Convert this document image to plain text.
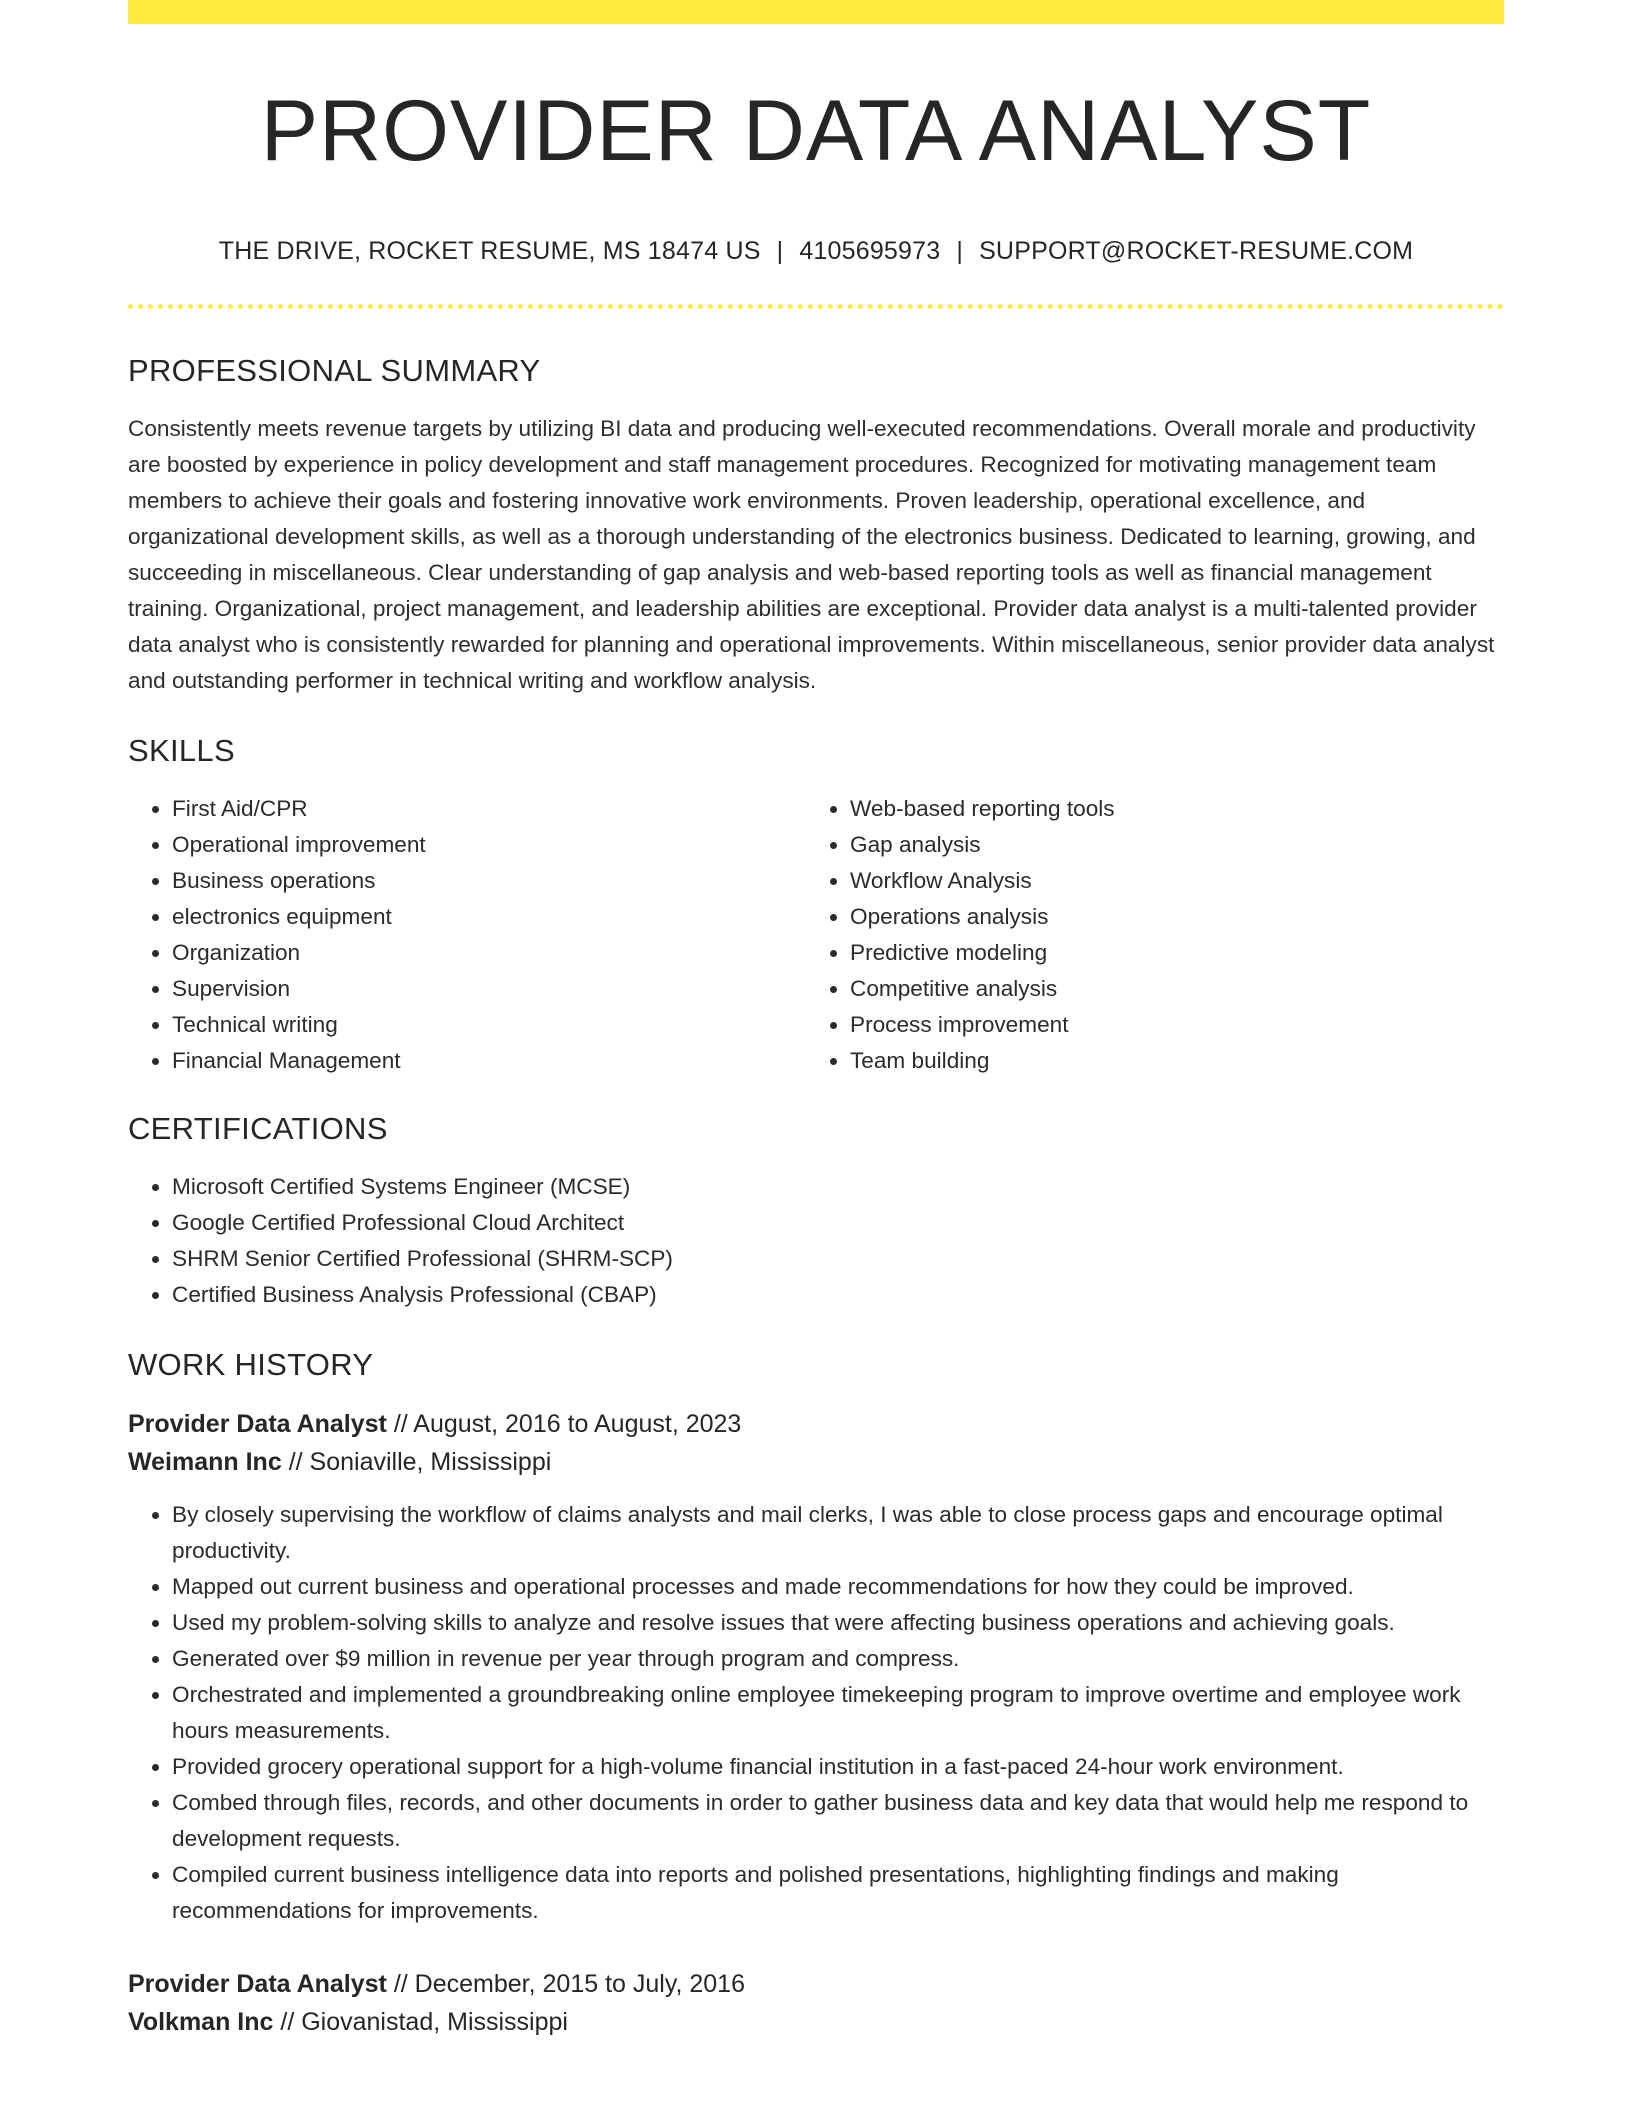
PROVIDER DATA ANALYST
THE DRIVE, ROCKET RESUME, MS 18474 US | 4105695973 | SUPPORT@ROCKET-RESUME.COM
PROFESSIONAL SUMMARY

Consistently meets revenue targets by utilizing BI data and producing well-executed recommendations. Overall morale and productivity are boosted by experience in policy development and staff management procedures. Recognized for motivating management team members to achieve their goals and fostering innovative work environments. Proven leadership, operational excellence, and organizational development skills, as well as a thorough understanding of the electronics business. Dedicated to learning, growing, and succeeding in miscellaneous. Clear understanding of gap analysis and web-based reporting tools as well as financial management training. Organizational, project management, and leadership abilities are exceptional. Provider data analyst is a multi-talented provider data analyst who is consistently rewarded for planning and operational improvements. Within miscellaneous, senior provider data analyst and outstanding performer in technical writing and workflow analysis.

SKILLS
• First Aid/CPR
• Operational improvement
• Business operations
• electronics equipment
• Organization
• Supervision
• Technical writing
• Financial Management
• Web-based reporting tools
• Gap analysis
• Workflow Analysis
• Operations analysis
• Predictive modeling
• Competitive analysis
• Process improvement
• Team building
CERTIFICATIONS
• Microsoft Certified Systems Engineer (MCSE)
• Google Certified Professional Cloud Architect
• SHRM Senior Certified Professional (SHRM-SCP)
• Certified Business Analysis Professional (CBAP)
WORK HISTORY
Provider Data Analyst // August, 2016 to August, 2023
Weimann Inc // Soniaville, Mississippi
• By closely supervising the workflow of claims analysts and mail clerks, I was able to close process gaps and encourage optimal productivity.
• Mapped out current business and operational processes and made recommendations for how they could be improved.
• Used my problem-solving skills to analyze and resolve issues that were affecting business operations and achieving goals.
• Generated over $9 million in revenue per year through program and compress.
• Orchestrated and implemented a groundbreaking online employee timekeeping program to improve overtime and employee work hours measurements.
• Provided grocery operational support for a high-volume financial institution in a fast-paced 24-hour work environment.
• Combed through files, records, and other documents in order to gather business data and key data that would help me respond to development requests.
• Compiled current business intelligence data into reports and polished presentations, highlighting findings and making recommendations for improvements.
Provider Data Analyst // December, 2015 to July, 2016
Volkman Inc // Giovanistad, Mississippi
